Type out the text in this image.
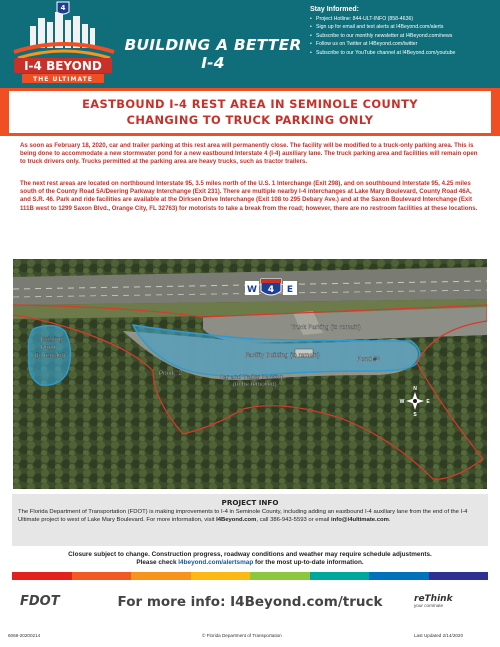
4
I-4 BEYOND
THE ULTIMATE
BUILDING A BETTER I-4
Stay Informed:
• Project Hotline: 844-ULT-INFO (858-4636)
• Sign up for email and text alerts at I4Beyond.com/alerts
• Subscribe to our monthly newsletter at I4Beyond.com/news
• Follow us on Twitter at I4Beyond.com/twitter
• Subscribe to our YouTube channel at I4Beyond.com/youtube
EASTBOUND I-4 REST AREA IN SEMINOLE COUNTY
CHANGING TO TRUCK PARKING ONLY

As soon as February 18, 2020, car and trailer parking at this rest area will permanently close. The facility will be modified to a truck-only parking area. This is being done to accommodate a new stormwater pond for a new eastbound Interstate 4 (I-4) auxiliary lane. The truck parking area and facilities will remain open to truck drivers only. Trucks permitted at the parking area are heavy trucks, such as tractor trailers.

The next rest areas are located on northbound Interstate 95, 3.5 miles north of the U.S. 1 Interchange (Exit 298), and on southbound Interstate 95, 4.25 miles south of the County Road 5A/Deering Parkway Interchange (Exit 231). There are multiple nearby I-4 interchanges at Lake Mary Boulevard, County Road 46A, and S.R. 46. Park and ride facilities are available at the Dirksen Drive Interchange (Exit 108 to 295 Debary Ave.) and at the Saxon Boulevard Interchange (Exit 111B west to 1299 Saxon Blvd., Orange City, FL 32763) for motorists to take a break from the road; however, there are no restroom facilities at these locations.

W 4 E
Truck Parking (to remain)
Facility Building (to remain)
Existing
Pond
(to remain)
Pond #2
Pond #3
Car and Trailer Parking
(to be removed)
N
S
E
W
PROJECT INFO

The Florida Department of Transportation (FDOT) is making improvements to I-4 in Seminole County, including adding an eastbound I-4 auxiliary lane from the end of the I-4 Ultimate project to west of Lake Mary Boulevard. For more information, visit I4Beyond.com, call 386-943-5593 or email info@i4ultimate.com.

Closure subject to change. Construction progress, roadway conditions and weather may require schedule adjustments.
Please check I4beyond.com/alertsmap for the most up-to-date information.
FDOT	For more info: I4Beyond.com/truck	reThink
your commute
6068-20200214	© Florida Department of Transportation	Last Updated 2/14/2020
